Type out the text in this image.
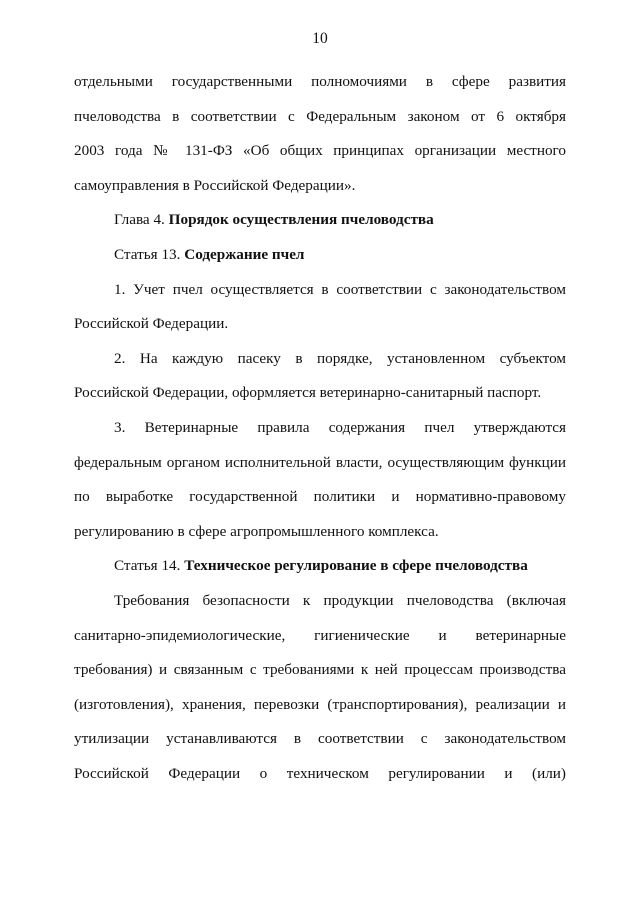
10
отдельными государственными полномочиями в сфере развития
пчеловодства в соответствии с Федеральным законом от 6 октября
2003 года № 131-ФЗ «Об общих принципах организации местного
самоуправления в Российской Федерации».
Глава 4. Порядок осуществления пчеловодства
Статья 13. Содержание пчел
1. Учет пчел осуществляется в соответствии с законодательством
Российской Федерации.
2. На каждую пасеку в порядке, установленном субъектом
Российской Федерации, оформляется ветеринарно-санитарный паспорт.
3. Ветеринарные правила содержания пчел утверждаются
федеральным органом исполнительной власти, осуществляющим функции
по выработке государственной политики и нормативно-правовому
регулированию в сфере агропромышленного комплекса.
Статья 14. Техническое регулирование в сфере пчеловодства
Требования безопасности к продукции пчеловодства (включая
санитарно-эпидемиологические, гигиенические и ветеринарные
требования) и связанным с требованиями к ней процессам производства
(изготовления), хранения, перевозки (транспортирования), реализации и
утилизации устанавливаются в соответствии с законодательством
Российской Федерации о техническом регулировании и (или)
